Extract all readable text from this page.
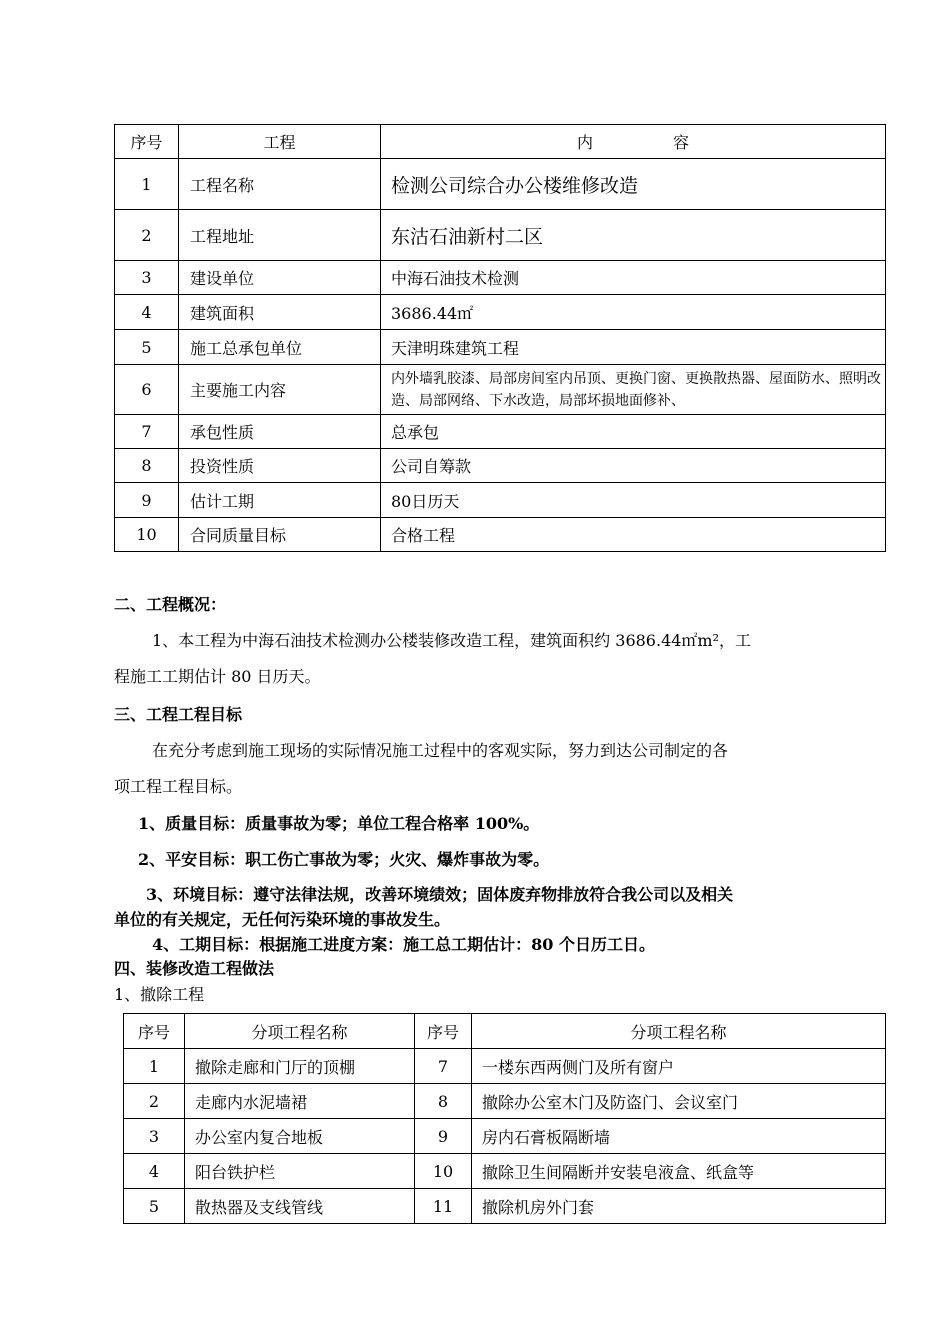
序号	工程	内　　　　　容
1	工程名称	检测公司综合办公楼维修改造
2	工程地址	东沽石油新村二区
3	建设单位	中海石油技术检测
4	建筑面积	3686.44㎡
5	施工总承包单位	天津明珠建筑工程
6	主要施工内容	内外墙乳胶漆、局部房间室内吊顶、更换门窗、更换散热器、屋面防水、照明改造、局部网络、下水改造，局部坏损地面修补、
7	承包性质	总承包
8	投资性质	公司自筹款
9	估计工期	80日历天
10	合同质量目标	合格工程
二、工程概况：
1、本工程为中海石油技术检测办公楼装修改造工程，建筑面积约 3686.44㎡m²，工
程施工工期估计 80 日历天。
三、工程工程目标
在充分考虑到施工现场的实际情况施工过程中的客观实际，努力到达公司制定的各
项工程工程目标。
1、质量目标：质量事故为零；单位工程合格率 100%。
2、平安目标：职工伤亡事故为零；火灾、爆炸事故为零。
3、环境目标：遵守法律法规，改善环境绩效；固体废弃物排放符合我公司以及相关
单位的有关规定，无任何污染环境的事故发生。
4、工期目标：根据施工进度方案：施工总工期估计：80 个日历工日。
四、装修改造工程做法
1、撤除工程
序号	分项工程名称	序号	分项工程名称
1	撤除走廊和门厅的顶棚	7	一楼东西两侧门及所有窗户
2	走廊内水泥墙裙	8	撤除办公室木门及防盗门、会议室门
3	办公室内复合地板	9	房内石膏板隔断墙
4	阳台铁护栏	10	撤除卫生间隔断并安装皂液盒、纸盒等
5	散热器及支线管线	11	撤除机房外门套
